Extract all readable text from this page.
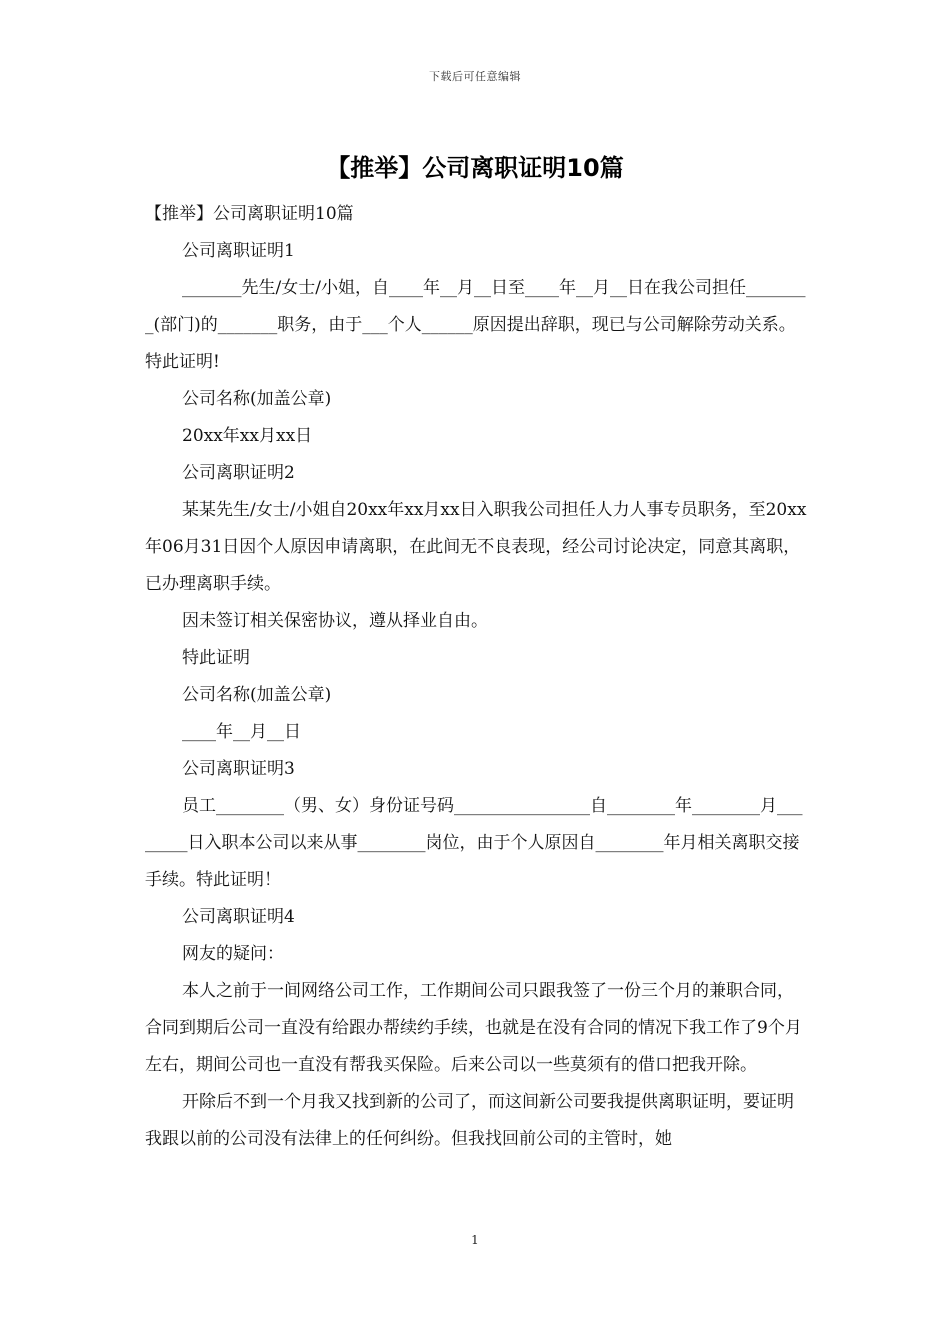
下载后可任意编辑
【推举】公司离职证明10篇

【推举】公司离职证明10篇

公司离职证明1

_______先生/女士/小姐，自____年__月__日至____年__月__日在我公司担任________(部门)的_______职务，由于___个人______原因提出辞职，现已与公司解除劳动关系。特此证明!

公司名称(加盖公章)

20xx年xx月xx日

公司离职证明2

某某先生/女士/小姐自20xx年xx月xx日入职我公司担任人力人事专员职务，至20xx年06月31日因个人原因申请离职，在此间无不良表现，经公司讨论决定，同意其离职，已办理离职手续。

因未签订相关保密协议，遵从择业自由。

特此证明

公司名称(加盖公章)

____年__月__日

公司离职证明3

员工________（男、女）身份证号码________________自________年________月________日入职本公司以来从事________岗位，由于个人原因自________年月相关离职交接手续。特此证明！

公司离职证明4

网友的疑问：

本人之前于一间网络公司工作，工作期间公司只跟我签了一份三个月的兼职合同，合同到期后公司一直没有给跟办帮续约手续，也就是在没有合同的情况下我工作了9个月左右，期间公司也一直没有帮我买保险。后来公司以一些莫须有的借口把我开除。

开除后不到一个月我又找到新的公司了，而这间新公司要我提供离职证明，要证明我跟以前的公司没有法律上的任何纠纷。但我找回前公司的主管时，她

1
